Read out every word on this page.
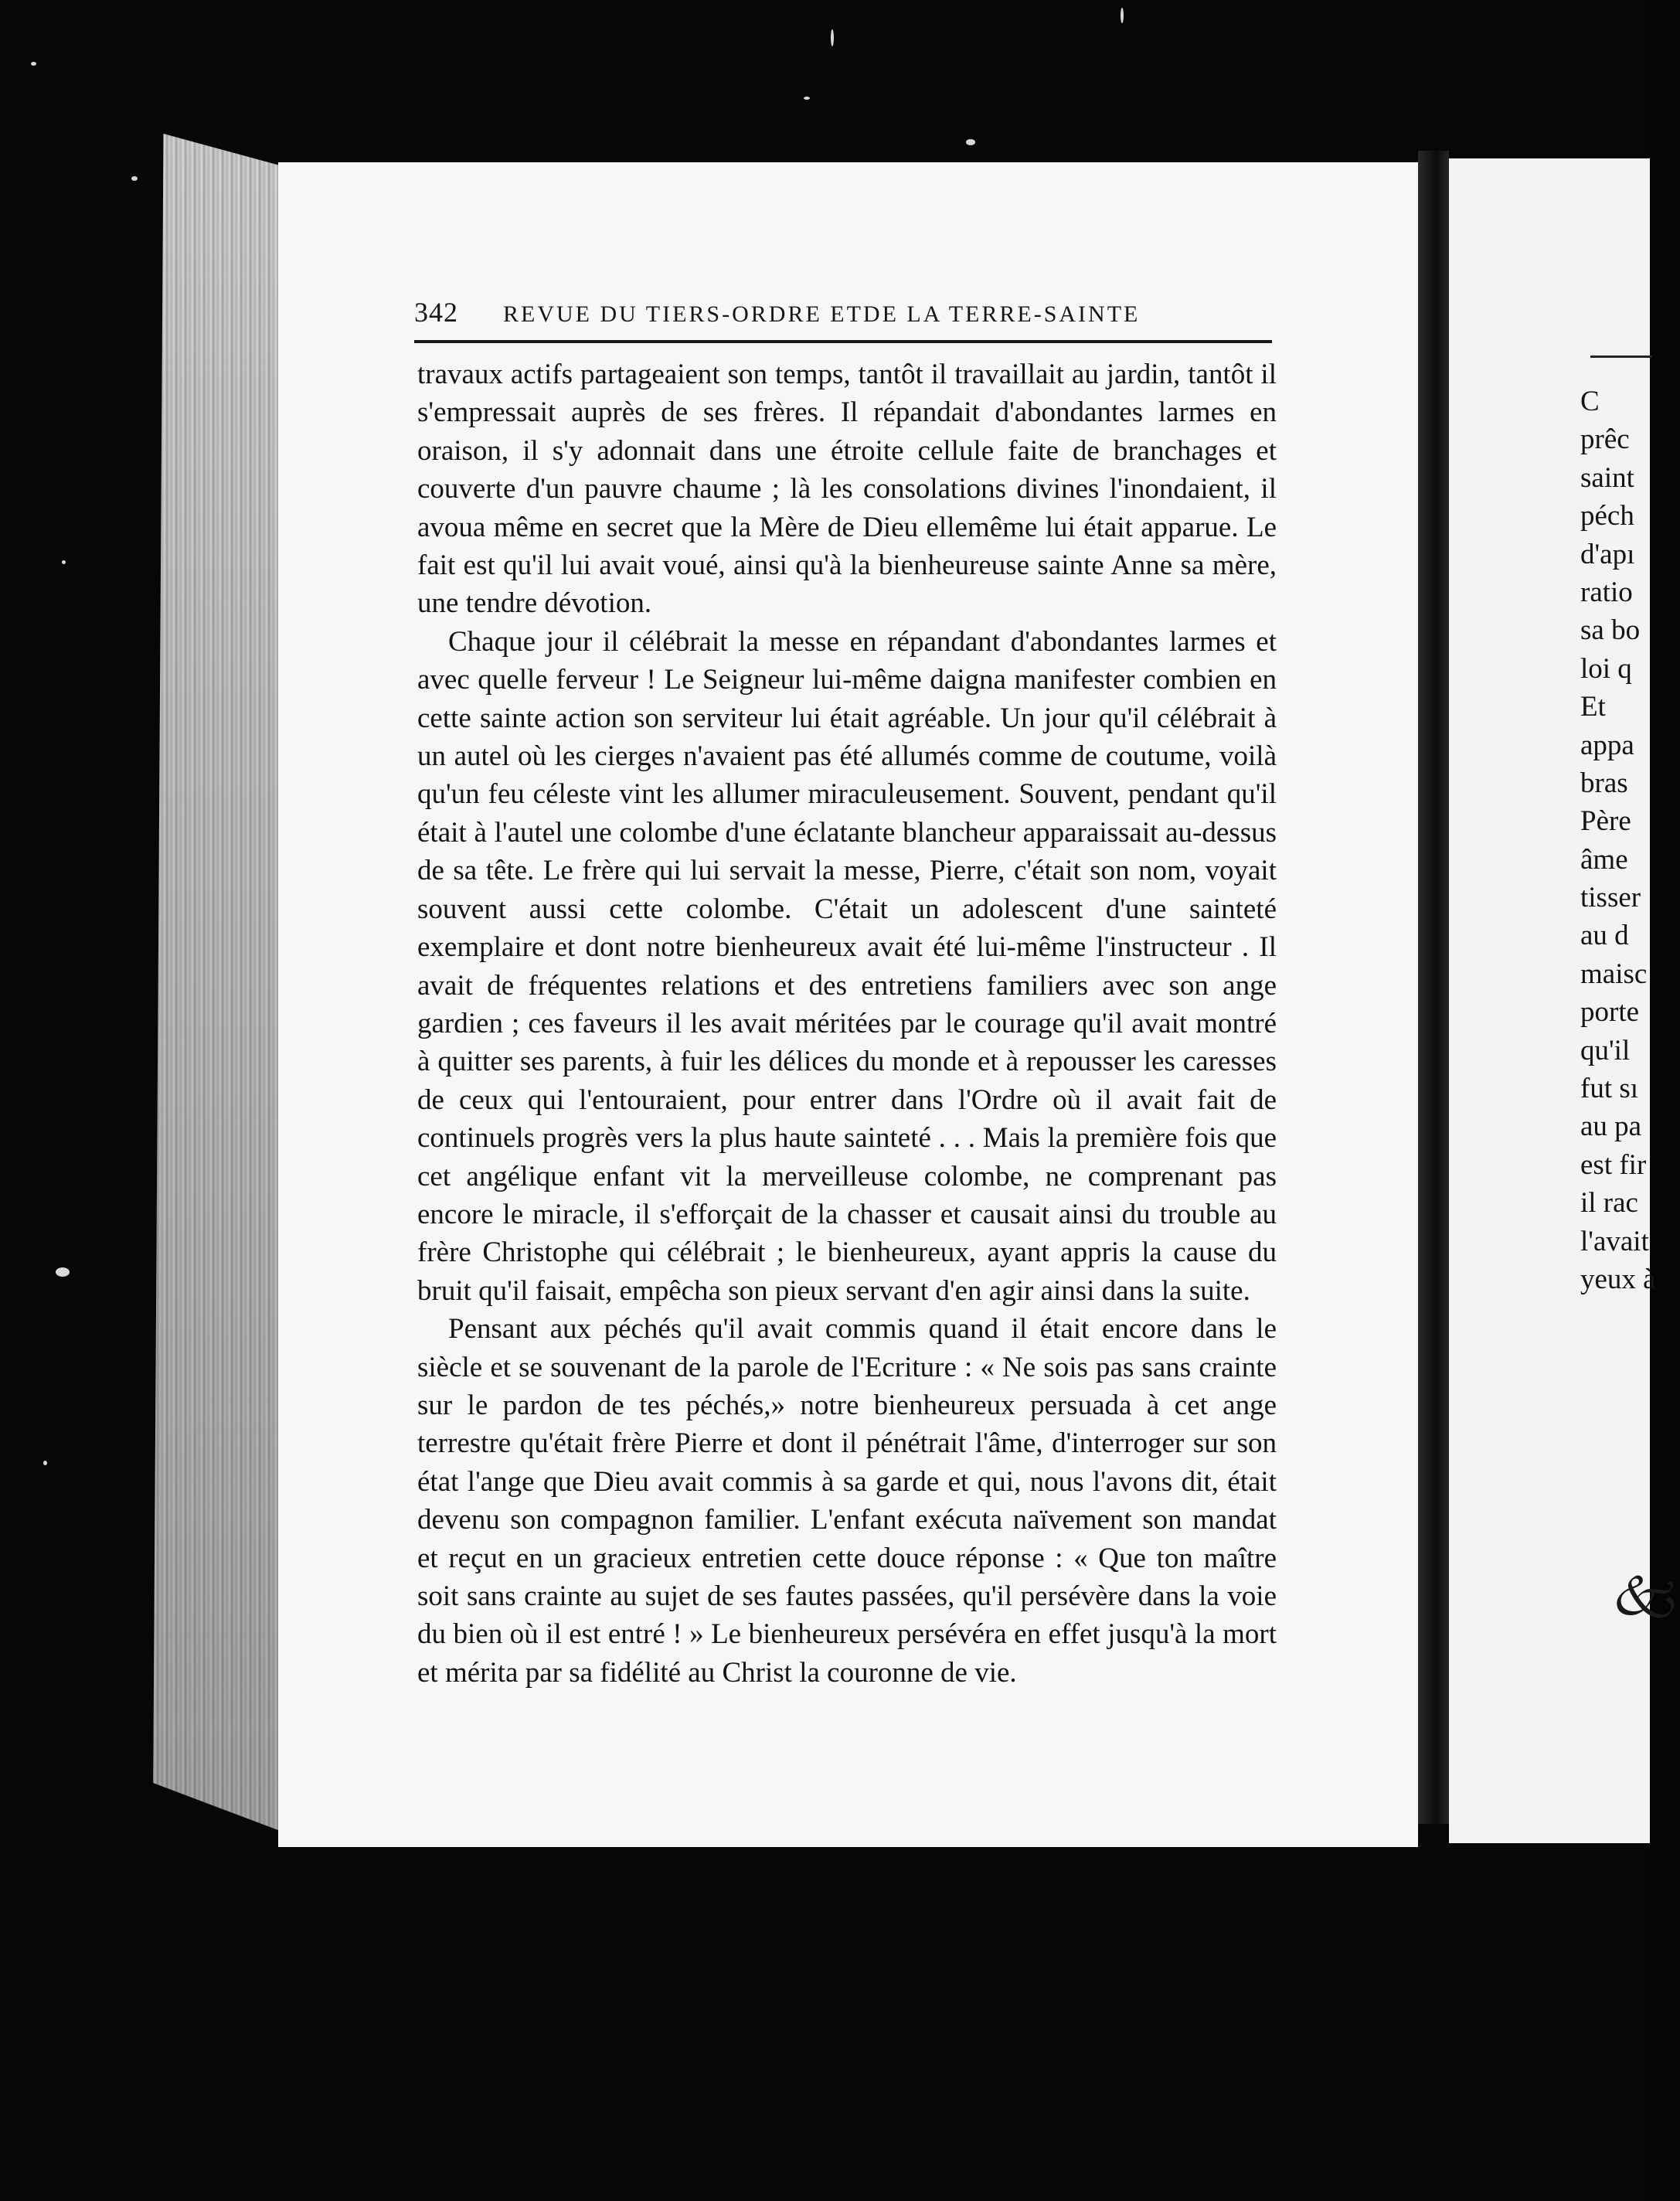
342 REVUE DU TIERS-ORDRE ETDE LA TERRE-SAINTE

travaux actifs partageaient son temps, tantôt il travaillait au jardin, tantôt il s'empressait auprès de ses frères. Il répandait d'abondantes larmes en oraison, il s'y adonnait dans une étroite cellule faite de branchages et couverte d'un pauvre chaume ; là les consolations divines l'inondaient, il avoua même en secret que la Mère de Dieu ellemême lui était apparue. Le fait est qu'il lui avait voué, ainsi qu'à la bienheureuse sainte Anne sa mère, une tendre dévotion.

Chaque jour il célébrait la messe en répandant d'abondantes larmes et avec quelle ferveur ! Le Seigneur lui-même daigna manifester combien en cette sainte action son serviteur lui était agréable. Un jour qu'il célébrait à un autel où les cierges n'avaient pas été allumés comme de coutume, voilà qu'un feu céleste vint les allumer miraculeusement. Souvent, pendant qu'il était à l'autel une colombe d'une éclatante blancheur apparaissait au-dessus de sa tête. Le frère qui lui servait la messe, Pierre, c'était son nom, voyait souvent aussi cette colombe. C'était un adolescent d'une sainteté exemplaire et dont notre bienheureux avait été lui-même l'instructeur . Il avait de fréquentes relations et des entretiens familiers avec son ange gardien ; ces faveurs il les avait méritées par le courage qu'il avait montré à quitter ses parents, à fuir les délices du monde et à repousser les caresses de ceux qui l'entouraient, pour entrer dans l'Ordre où il avait fait de continuels progrès vers la plus haute sainteté . . . Mais la première fois que cet angélique enfant vit la merveilleuse colombe, ne comprenant pas encore le miracle, il s'efforçait de la chasser et causait ainsi du trouble au frère Christophe qui célébrait ; le bienheureux, ayant appris la cause du bruit qu'il faisait, empêcha son pieux servant d'en agir ainsi dans la suite.

Pensant aux péchés qu'il avait commis quand il était encore dans le siècle et se souvenant de la parole de l'Ecriture : « Ne sois pas sans crainte sur le pardon de tes péchés,» notre bienheureux persuada à cet ange terrestre qu'était frère Pierre et dont il pénétrait l'âme, d'interroger sur son état l'ange que Dieu avait commis à sa garde et qui, nous l'avons dit, était devenu son compagnon familier. L'enfant exécuta naïvement son mandat et reçut en un gracieux entretien cette douce réponse : « Que ton maître soit sans crainte au sujet de ses fautes passées, qu'il persévère dans la voie du bien où il est entré ! » Le bienheureux persévéra en effet jusqu'à la mort et mérita par sa fidélité au Christ la couronne de vie.

C
prêc
saint
péch
d'apı
ratio
sa bo
loi q
Et
appa
bras
Père
âme
tisser
au d
maisc
porte
qu'il
fut sı
au pa
est fir
il rac
l'avait
yeux à
🙵
